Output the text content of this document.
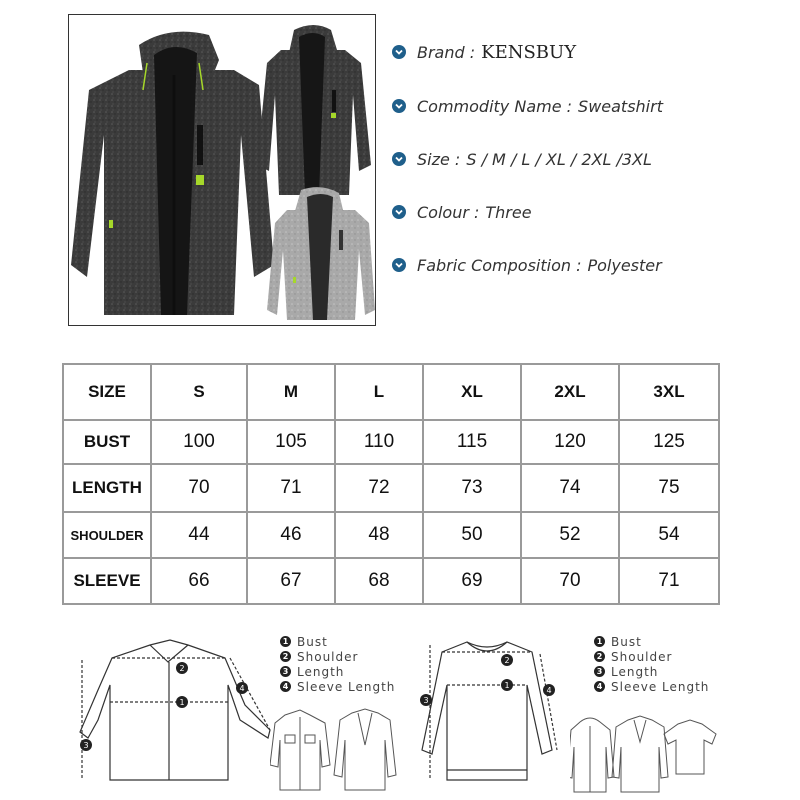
Brand : KENSBUY
Commodity Name : Sweatshirt
Size : S / M / L / XL / 2XL /3XL
Colour : Three
Fabric Composition : Polyester
SIZE	S	M	L	XL	2XL	3XL
BUST	100	105	110	115	120	125
LENGTH	70	71	72	73	74	75
SHOULDER	44	46	48	50	52	54
SLEEVE	66	67	68	69	70	71
1
2
3
4
1 Bust
2 Shoulder
3 Length
4 Sleeve Length	1
2
3
4
1 Bust
2 Shoulder
3 Length
4 Sleeve Length
